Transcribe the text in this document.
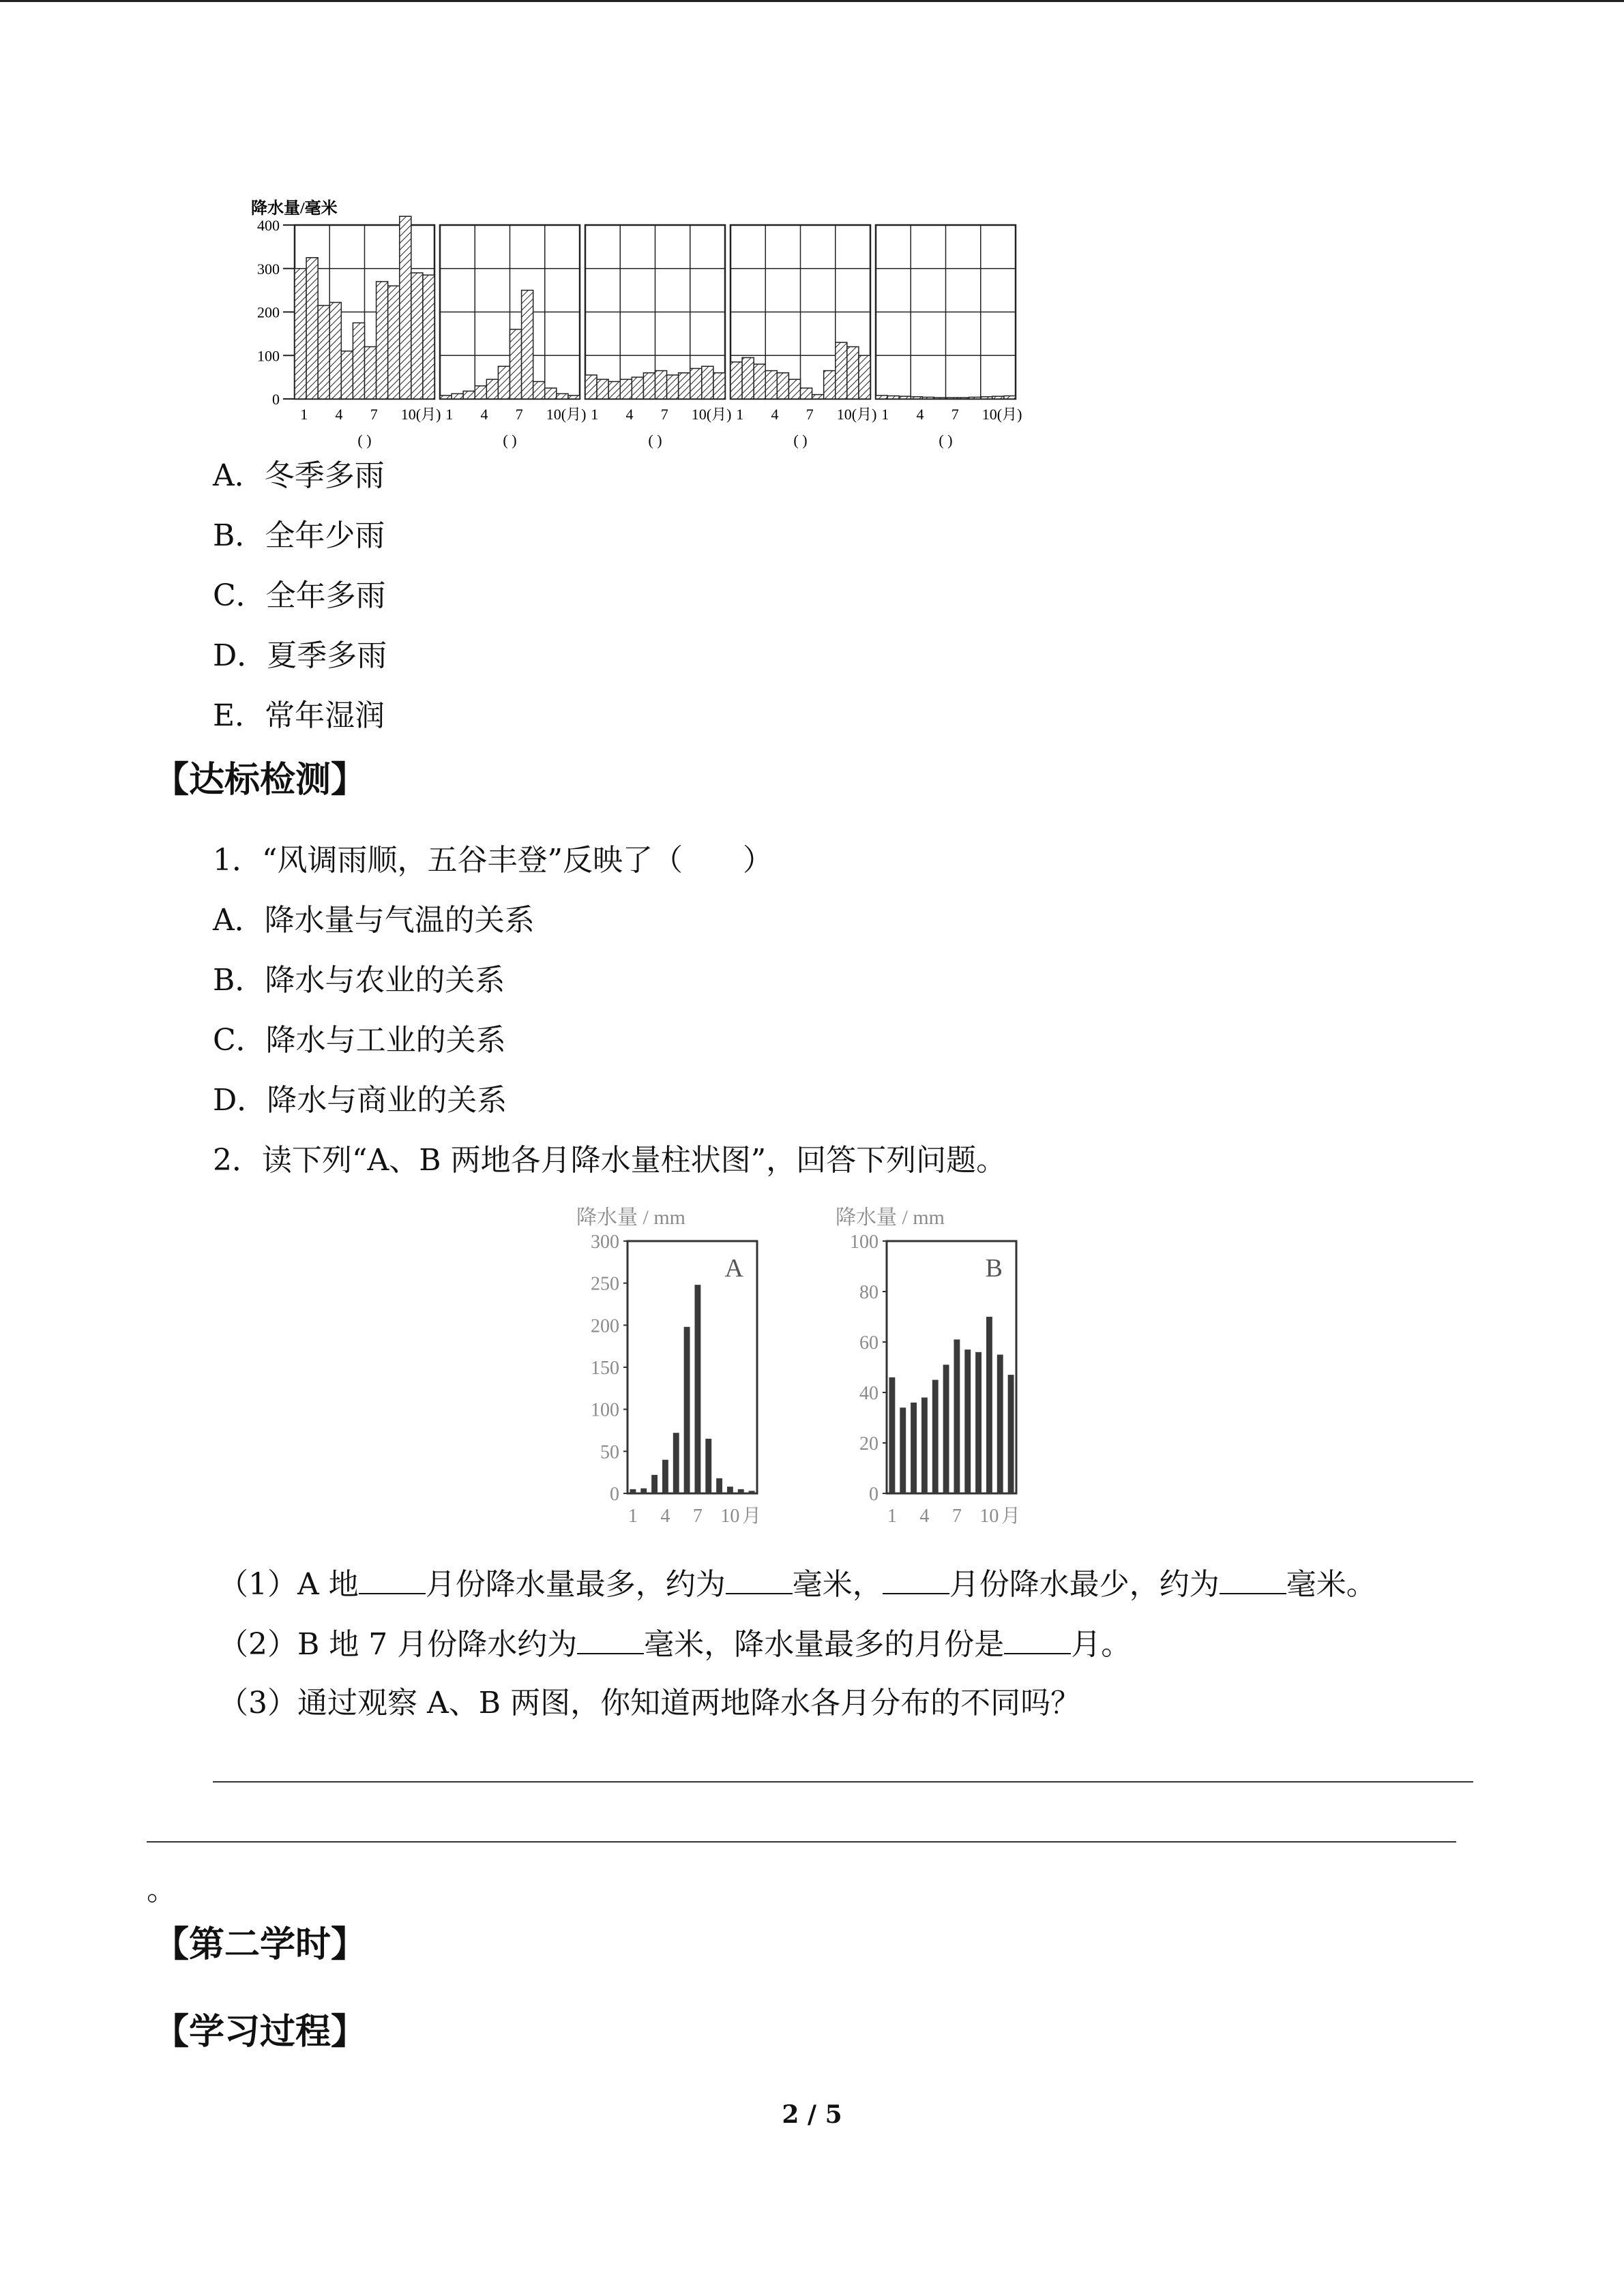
降水量/毫米
0
100
200
300
400
1 4 7 10(月)
( )
1 4 7 10(月)
( )
1 4 7 10(月)
( )
1 4 7 10(月)
( )
1 4 7 10(月)
( )
A．冬季多雨
B．全年少雨
C．全年多雨
D．夏季多雨
E．常年湿润
【达标检测】
1．“风调雨顺，五谷丰登”反映了（　　）
A．降水量与气温的关系
B．降水与农业的关系
C．降水与工业的关系
D．降水与商业的关系
2．读下列“A、B 两地各月降水量柱状图”，回答下列问题。
降水量 / mm
A
0
50
100
150
200
250
300
1 4 7 10 月
降水量 / mm
B
0
20
40
60
80
100
1 4 7 10 月
（1）A 地 月份降水量最多，约为 毫米， 月份降水最少，约为 毫米。
（2）B 地 7 月份降水约为 毫米，降水量最多的月份是 月。
（3）通过观察 A、B 两图，你知道两地降水各月分布的不同吗？
。
【第二学时】
【学习过程】
2 / 5
